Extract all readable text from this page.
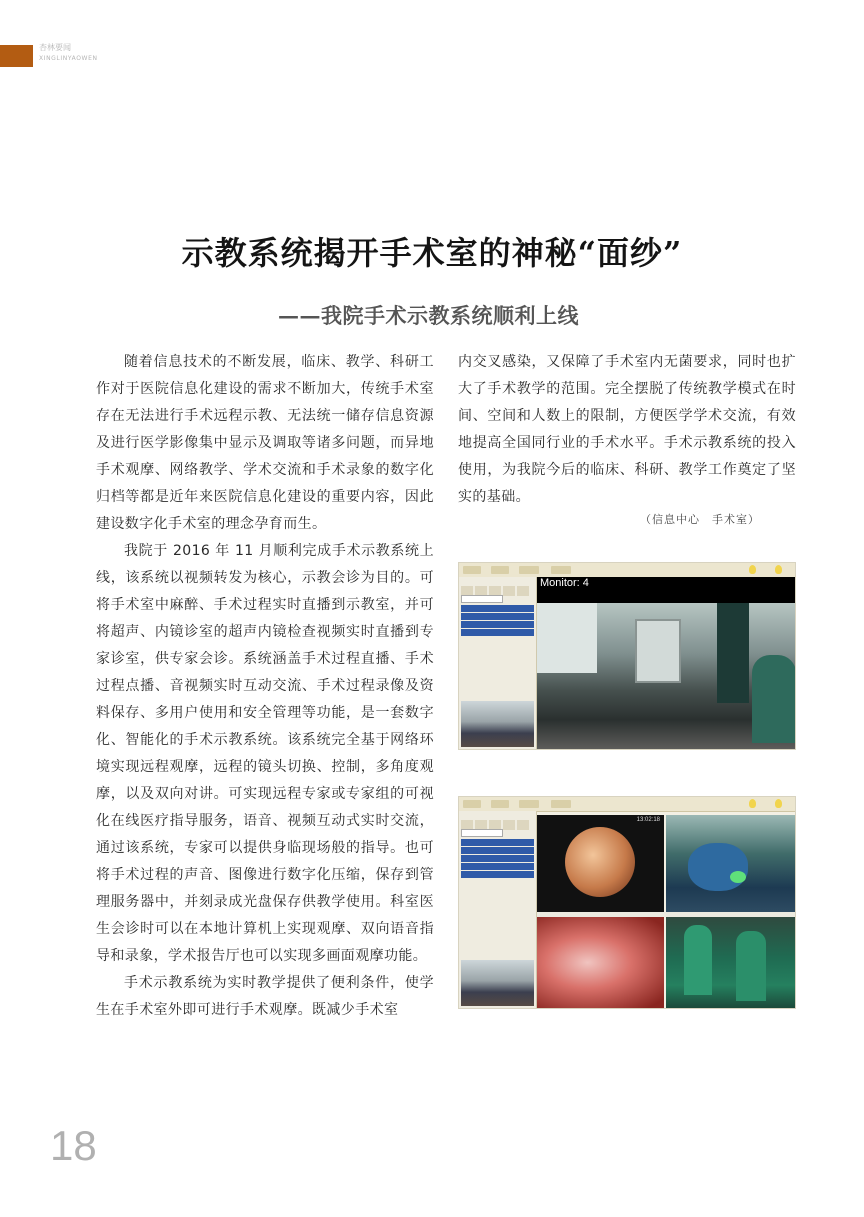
杏林要闻
XINGLINYAOWEN
示教系统揭开手术室的神秘“面纱”
——我院手术示教系统顺利上线

随着信息技术的不断发展，临床、教学、科研工作对于医院信息化建设的需求不断加大，传统手术室存在无法进行手术远程示教、无法统一储存信息资源及进行医学影像集中显示及调取等诸多问题，而异地手术观摩、网络教学、学术交流和手术录象的数字化归档等都是近年来医院信息化建设的重要内容，因此建设数字化手术室的理念孕育而生。

我院于 2016 年 11 月顺利完成手术示教系统上线，该系统以视频转发为核心，示教会诊为目的。可将手术室中麻醉、手术过程实时直播到示教室，并可将超声、内镜诊室的超声内镜检查视频实时直播到专家诊室，供专家会诊。系统涵盖手术过程直播、手术过程点播、音视频实时互动交流、手术过程录像及资料保存、多用户使用和安全管理等功能，是一套数字化、智能化的手术示教系统。该系统完全基于网络环境实现远程观摩，远程的镜头切换、控制，多角度观摩，以及双向对讲。可实现远程专家或专家组的可视化在线医疗指导服务，语音、视频互动式实时交流，通过该系统，专家可以提供身临现场般的指导。也可将手术过程的声音、图像进行数字化压缩，保存到管理服务器中，并刻录成光盘保存供教学使用。科室医生会诊时可以在本地计算机上实现观摩、双向语音指导和录象，学术报告厅也可以实现多画面观摩功能。

手术示教系统为实时教学提供了便利条件，使学生在手术室外即可进行手术观摩。既减少手术室

内交叉感染，又保障了手术室内无菌要求，同时也扩大了手术教学的范围。完全摆脱了传统教学模式在时间、空间和人数上的限制，方便医学学术交流，有效地提高全国同行业的手术水平。手术示教系统的投入使用，为我院今后的临床、科研、教学工作奠定了坚实的基础。

（信息中心　手术室）
Monitor: 4
13:02:18
18
